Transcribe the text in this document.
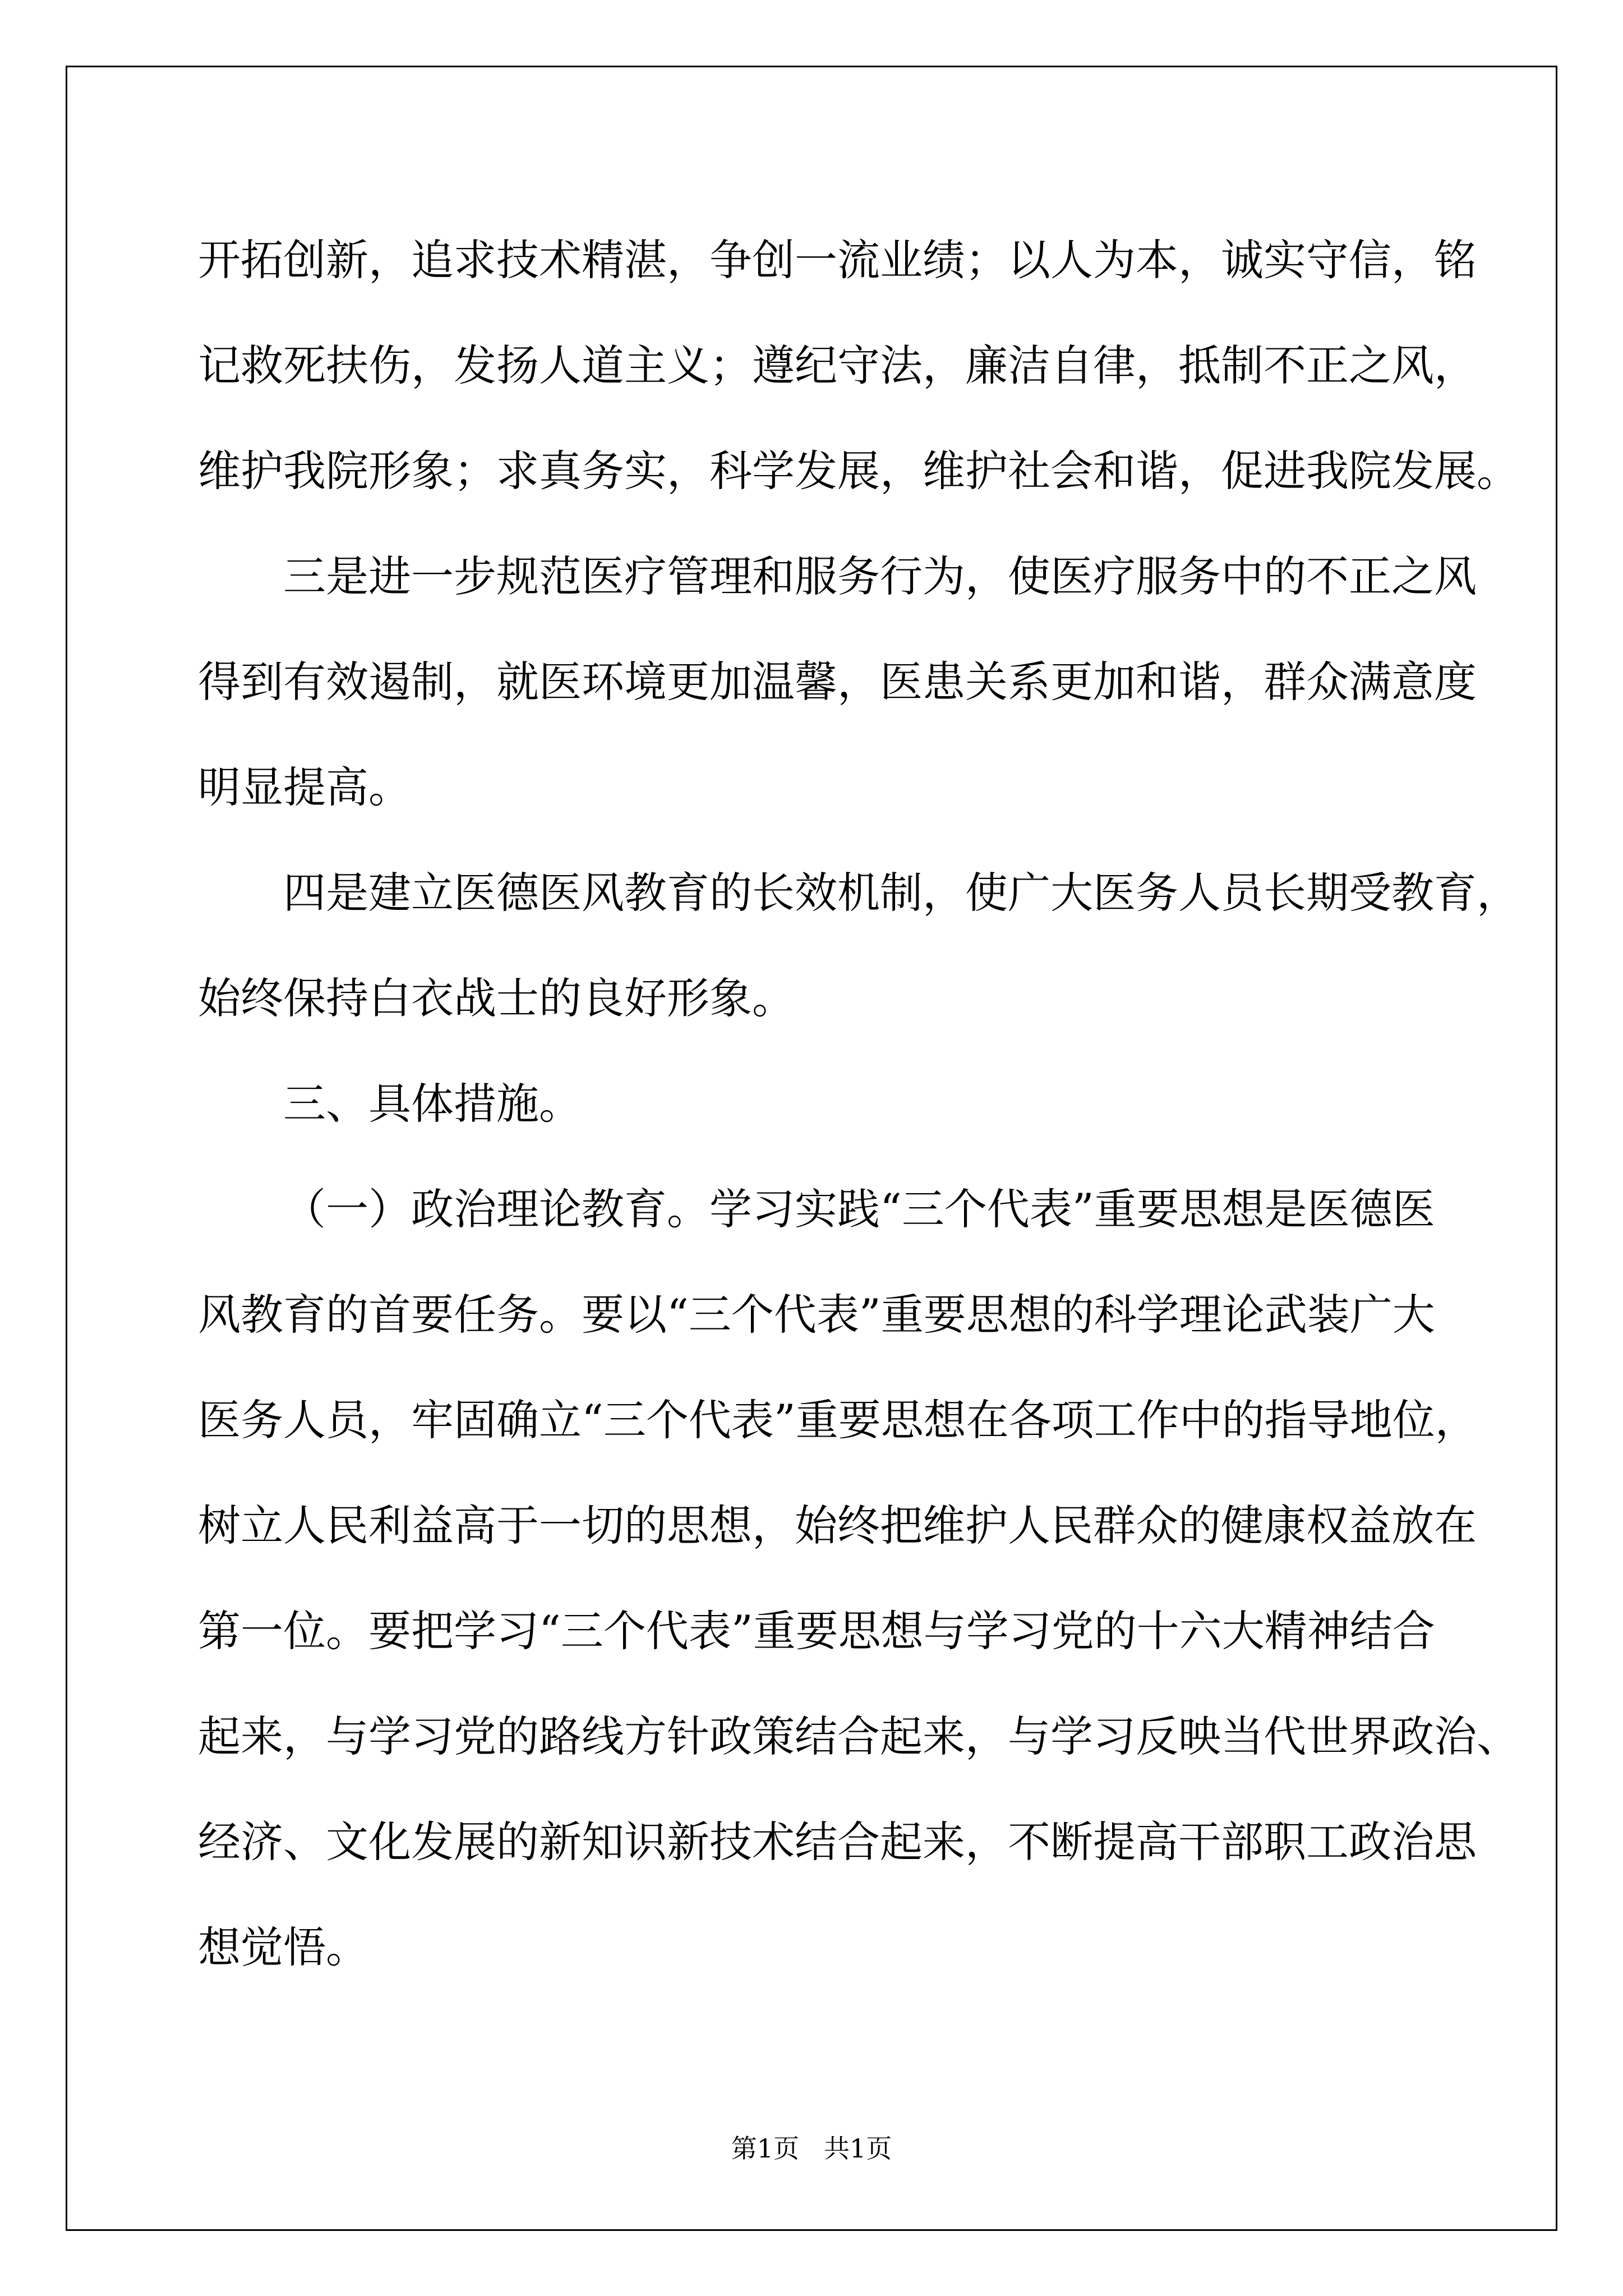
开拓创新，追求技术精湛，争创一流业绩；以人为本，诚实守信，铭
记救死扶伤，发扬人道主义；遵纪守法，廉洁自律，抵制不正之风，
维护我院形象；求真务实，科学发展，维护社会和谐，促进我院发展。

三是进一步规范医疗管理和服务行为，使医疗服务中的不正之风
得到有效遏制，就医环境更加温馨，医患关系更加和谐，群众满意度
明显提高。

四是建立医德医风教育的长效机制，使广大医务人员长期受教育，
始终保持白衣战士的良好形象。

三、具体措施。

（一）政治理论教育。学习实践“三个代表”重要思想是医德医
风教育的首要任务。要以“三个代表”重要思想的科学理论武装广大
医务人员，牢固确立“三个代表”重要思想在各项工作中的指导地位，
树立人民利益高于一切的思想，始终把维护人民群众的健康权益放在
第一位。要把学习“三个代表”重要思想与学习党的十六大精神结合
起来，与学习党的路线方针政策结合起来，与学习反映当代世界政治、
经济、文化发展的新知识新技术结合起来，不断提高干部职工政治思
想觉悟。

第1页 共1页
